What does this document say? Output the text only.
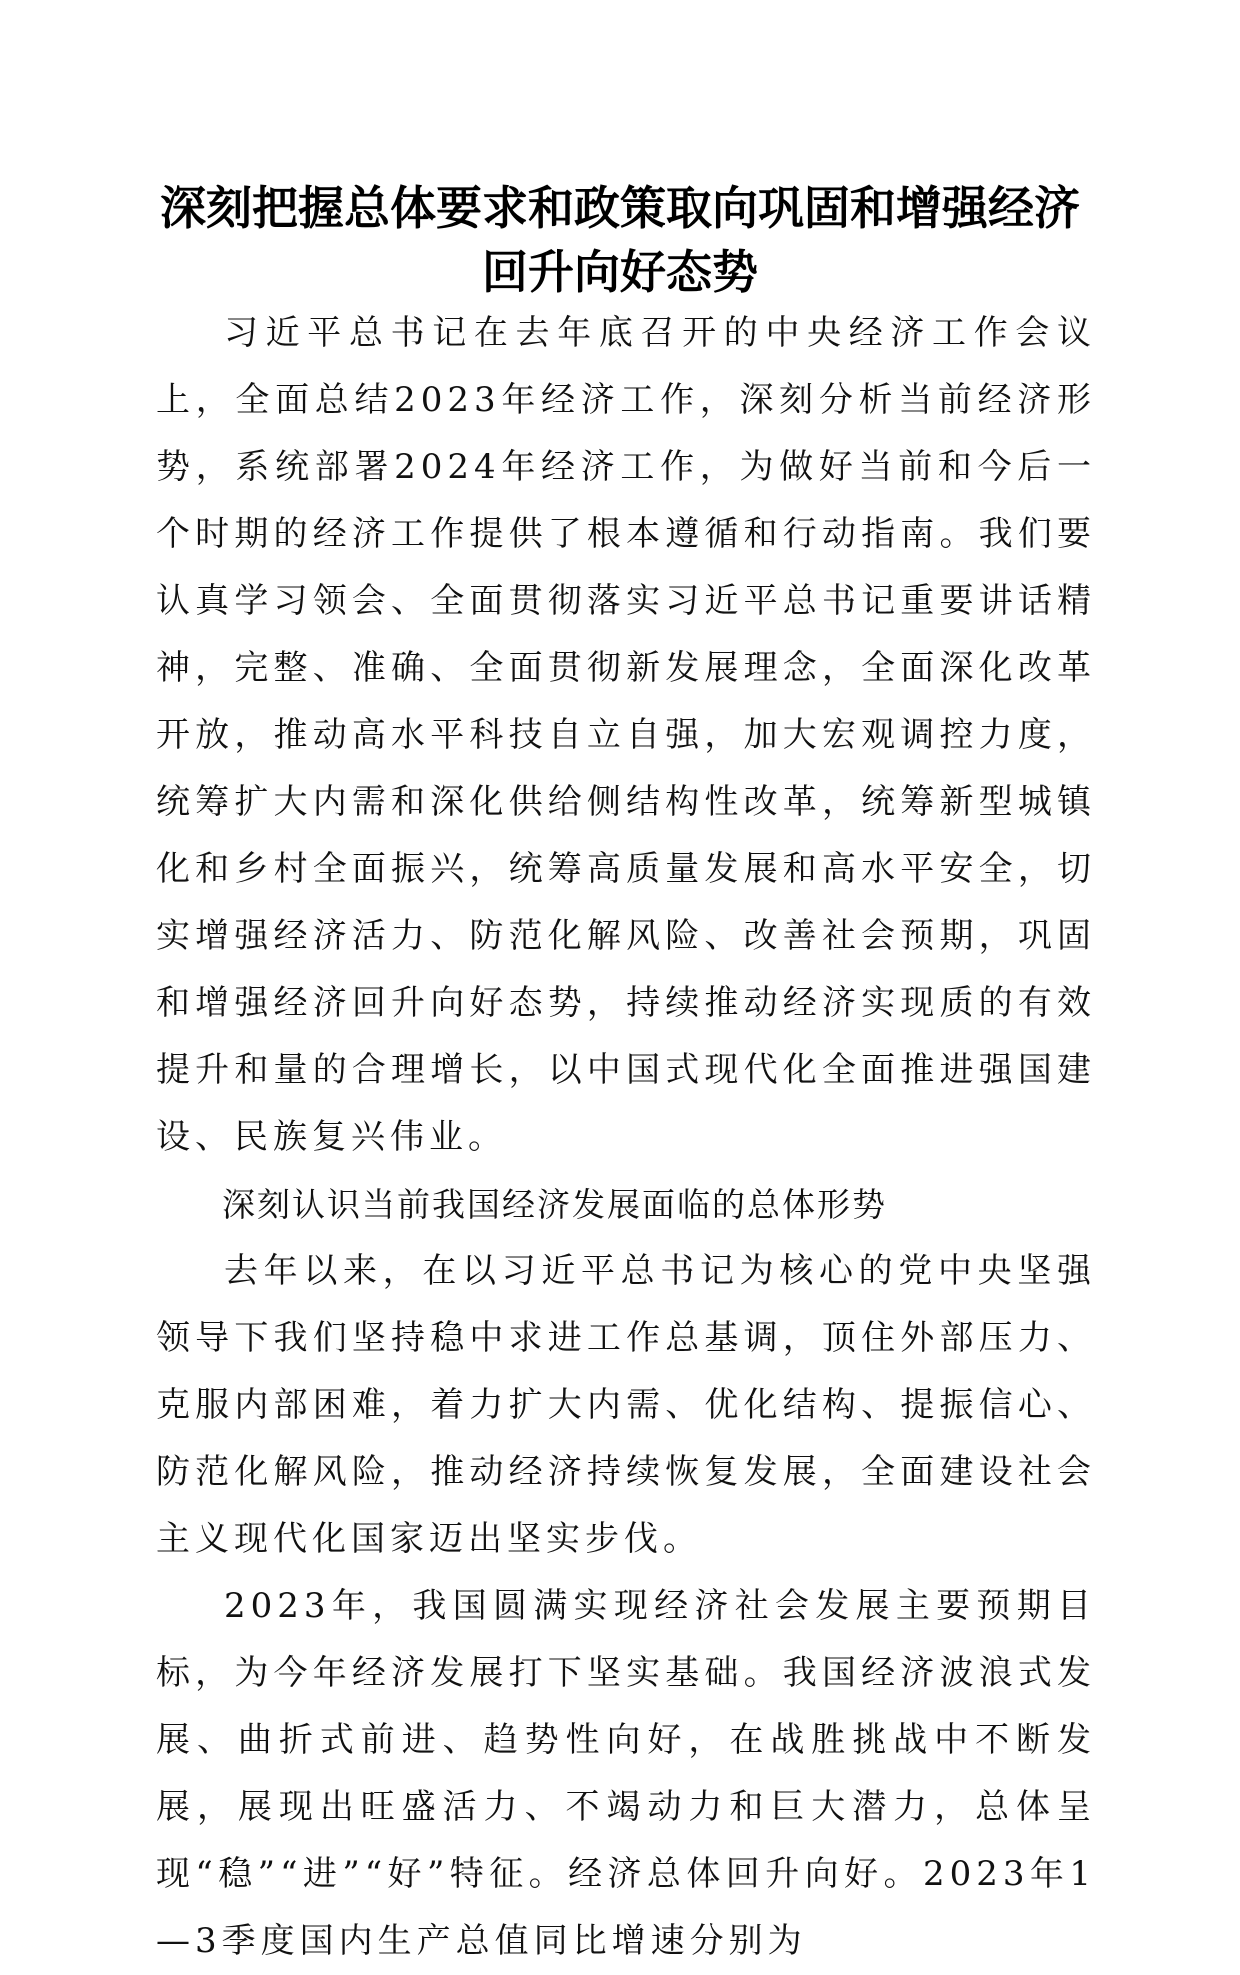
深刻把握总体要求和政策取向巩固和增强经济
回升向好态势

习近平总书记在去年底召开的中央经济工作会议上，全面总结2023年经济工作，深刻分析当前经济形势，系统部署2024年经济工作，为做好当前和今后一个时期的经济工作提供了根本遵循和行动指南。我们要认真学习领会、全面贯彻落实习近平总书记重要讲话精神，完整、准确、全面贯彻新发展理念，全面深化改革开放，推动高水平科技自立自强，加大宏观调控力度，统筹扩大内需和深化供给侧结构性改革，统筹新型城镇化和乡村全面振兴，统筹高质量发展和高水平安全，切实增强经济活力、防范化解风险、改善社会预期，巩固和增强经济回升向好态势，持续推动经济实现质的有效提升和量的合理增长，以中国式现代化全面推进强国建设、民族复兴伟业。

深刻认识当前我国经济发展面临的总体形势

去年以来，在以习近平总书记为核心的党中央坚强领导下我们坚持稳中求进工作总基调，顶住外部压力、克服内部困难，着力扩大内需、优化结构、提振信心、防范化解风险，推动经济持续恢复发展，全面建设社会主义现代化国家迈出坚实步伐。

2023年，我国圆满实现经济社会发展主要预期目标，为今年经济发展打下坚实基础。我国经济波浪式发展、曲折式前进、趋势性向好，在战胜挑战中不断发展，展现出旺盛活力、不竭动力和巨大潜力，总体呈现“稳”“进”“好”特征。经济总体回升向好。2023年1—3季度国内生产总值同比增速分别为
